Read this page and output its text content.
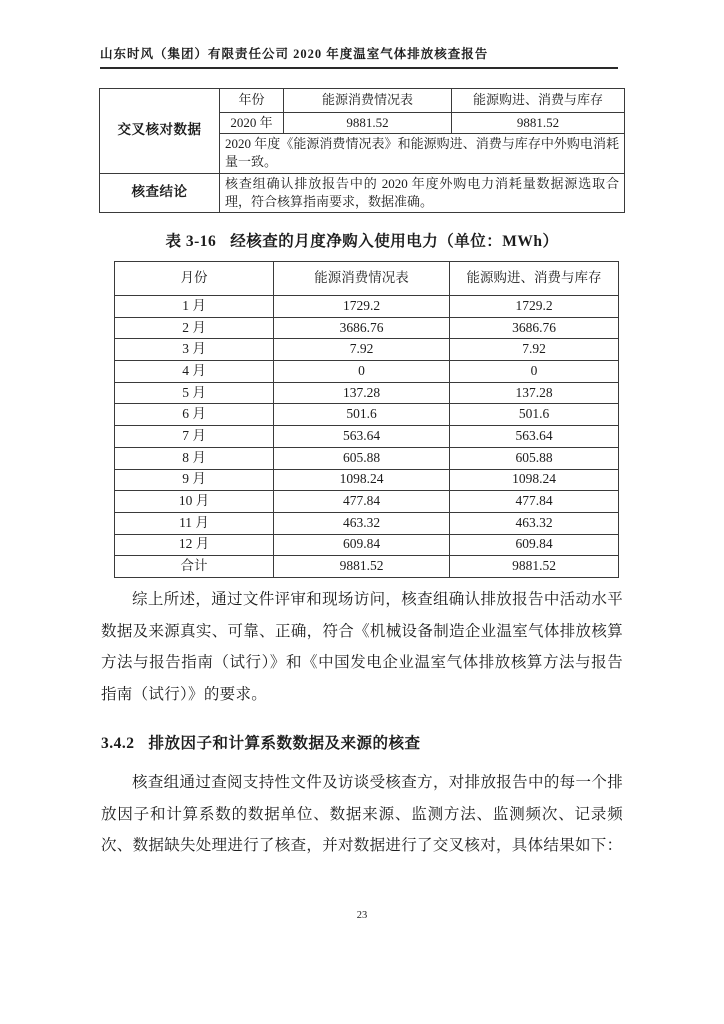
山东时风（集团）有限责任公司 2020 年度温室气体排放核查报告
交叉核对数据	年份	能源消费情况表	能源购进、消费与库存
	2020 年	9881.52	9881.52
	2020 年度《能源消费情况表》和能源购进、消费与库存中外购电消耗量一致。		
核查结论	核查组确认排放报告中的 2020 年度外购电力消耗量数据源选取合理，符合核算指南要求，数据准确。		
表 3-16 经核查的月度净购入使用电力（单位：MWh）
月份	能源消费情况表	能源购进、消费与库存
1 月	1729.2	1729.2
2 月	3686.76	3686.76
3 月	7.92	7.92
4 月	0	0
5 月	137.28	137.28
6 月	501.6	501.6
7 月	563.64	563.64
8 月	605.88	605.88
9 月	1098.24	1098.24
10 月	477.84	477.84
11 月	463.32	463.32
12 月	609.84	609.84
合计	9881.52	9881.52
综上所述，通过文件评审和现场访问，核查组确认排放报告中活动水平数据及来源真实、可靠、正确，符合《机械设备制造企业温室气体排放核算方法与报告指南（试行）》和《中国发电企业温室气体排放核算方法与报告指南（试行）》的要求。
3.4.2 排放因子和计算系数数据及来源的核查
核查组通过查阅支持性文件及访谈受核查方，对排放报告中的每一个排放因子和计算系数的数据单位、数据来源、监测方法、监测频次、记录频次、数据缺失处理进行了核查，并对数据进行了交叉核对，具体结果如下：
23
